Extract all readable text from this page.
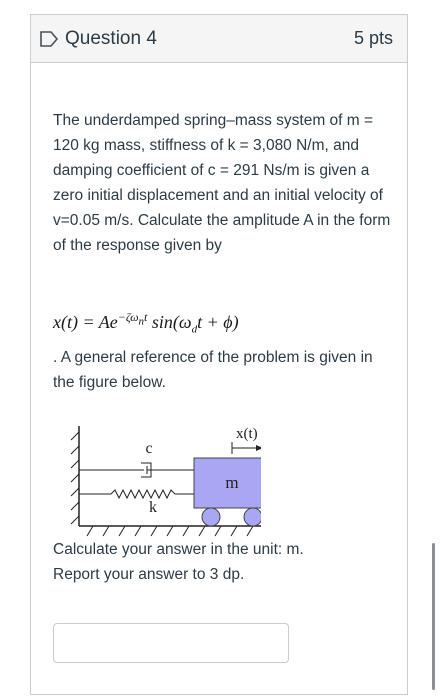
Question 4	5 pts

The underdamped spring–mass system of m = 120 kg mass, stiffness of k = 3,080 N/m, and damping coefficient of c = 291 Ns/m is given a zero initial displacement and an initial velocity of v=0.05 m/s. Calculate the amplitude A in the form of the response given by

$x(t) = Ae^{-\zeta\omega_nt}$ $\sin(\omega_dt + \phi)$

. A general reference of the problem is given in the figure below.

c
k
m
x(t)

Calculate your answer in the unit: m.

Report your answer to 3 dp.
